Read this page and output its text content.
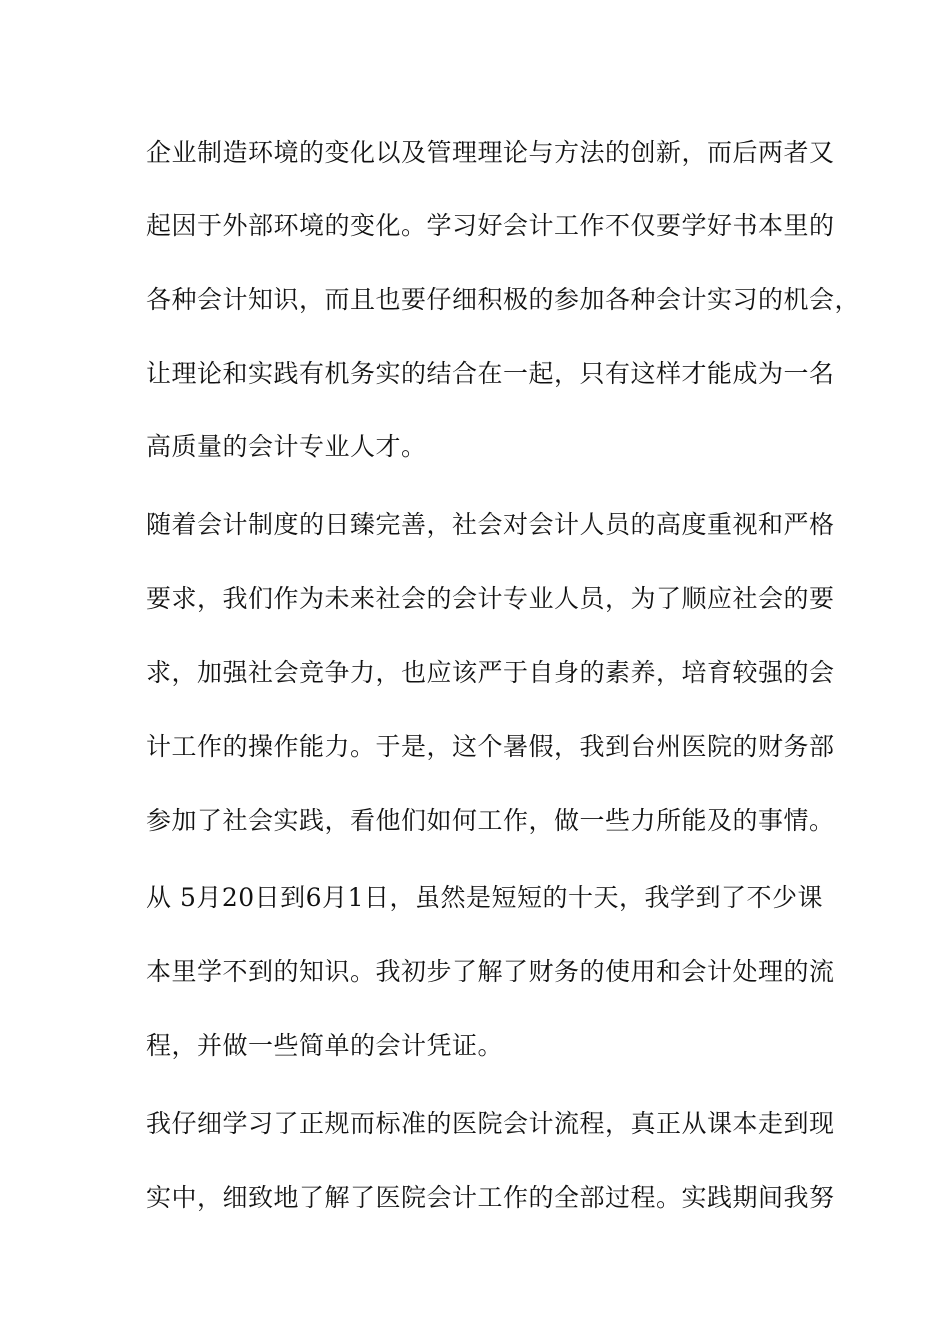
企业制造环境的变化以及管理理论与方法的创新，而后两者又
起因于外部环境的变化。学习好会计工作不仅要学好书本里的
各种会计知识，而且也要仔细积极的参加各种会计实习的机会，
让理论和实践有机务实的结合在一起，只有这样才能成为一名
高质量的会计专业人才。
随着会计制度的日臻完善，社会对会计人员的高度重视和严格
要求，我们作为未来社会的会计专业人员，为了顺应社会的要
求，加强社会竞争力，也应该严于自身的素养，培育较强的会
计工作的操作能力。于是，这个暑假，我到台州医院的财务部
参加了社会实践，看他们如何工作，做一些力所能及的事情。
从 5月20日到6月1日，虽然是短短的十天，我学到了不少课
本里学不到的知识。我初步了解了财务的使用和会计处理的流
程，并做一些简单的会计凭证。
我仔细学习了正规而标准的医院会计流程，真正从课本走到现
实中，细致地了解了医院会计工作的全部过程。实践期间我努
